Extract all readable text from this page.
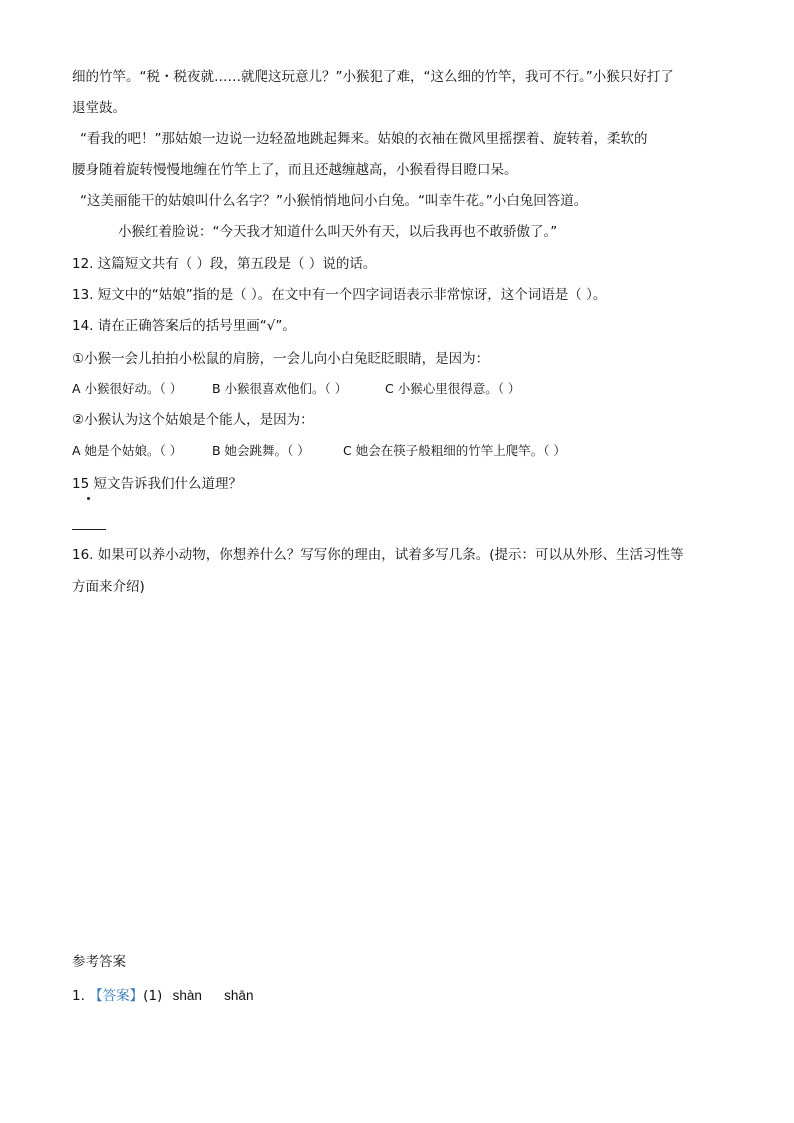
细的竹竿。“税・税夜就……就爬这玩意儿？”小猴犯了难，“这么细的竹竿，我可不行。”小猴只好打了
退堂鼓。
“看我的吧！”那姑娘一边说一边轻盈地跳起舞来。姑娘的衣袖在微风里摇摆着、旋转着，柔软的
腰身随着旋转慢慢地缠在竹竿上了，而且还越缠越高，小猴看得目瞪口呆。
“这美丽能干的姑娘叫什么名字？”小猴悄悄地问小白兔。“叫幸牛花。”小白兔回答道。
小猴红着脸说：“今天我才知道什么叫天外有天，以后我再也不敢骄傲了。”
12. 这篇短文共有（ ）段，第五段是（ ）说的话。
13. 短文中的“姑娘”指的是（ ）。在文中有一个四字词语表示非常惊讶，这个词语是（ ）。
14. 请在正确答案后的括号里画“√”。
①小猴一会儿拍拍小松鼠的肩膀，一会儿向小白兔眨眨眼睛，是因为：
A 小猴很好动。（ ） B 小猴很喜欢他们。（ ）	C 小猴心里很得意。（ ）
②小猴认为这个姑娘是个能人，是因为：
A 她是个姑娘。（ ） B 她会跳舞。（ ）	C 她会在筷子般粗细的竹竿上爬竿。（ ）
15 短文告诉我们什么道理？
16. 如果可以养小动物，你想养什么？写写你的理由，试着多写几条。(提示：可以从外形、生活习性等
方面来介绍)
参考答案
1. 【答案】(1) shàn shān
